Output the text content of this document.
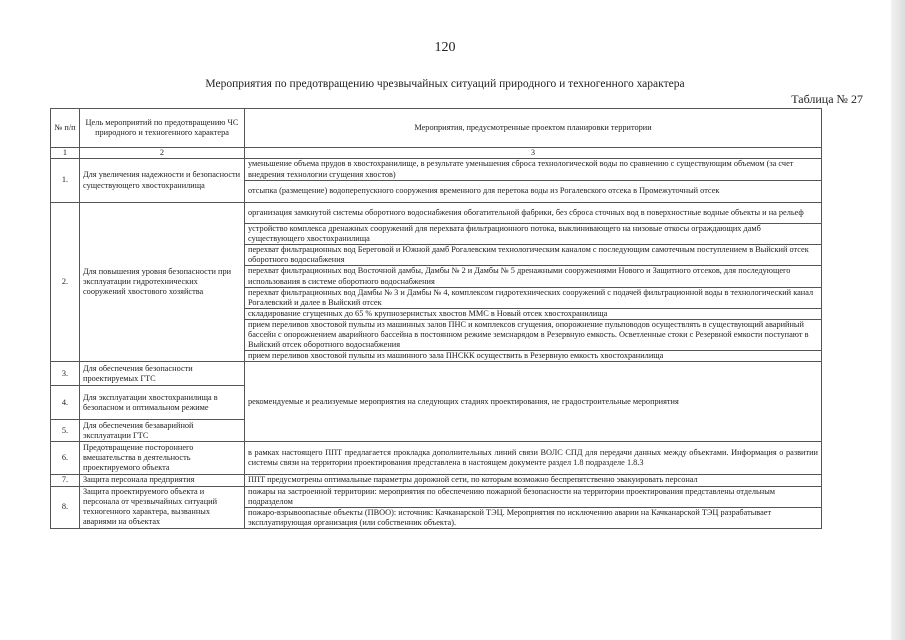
120
Мероприятия по предотвращению чрезвычайных ситуаций природного и техногенного характера
Таблица № 27
№ п/п	Цель мероприятий по предотвращению ЧС природного и техногенного характера	Мероприятия, предусмотренные проектом планировки территории
1	2	3
1.	Для увеличения надежности и безопасности существующего хвостохранилища	уменьшение объема прудов в хвостохранилище, в результате уменьшения сброса технологической воды по сравнению с существующим объемом (за счет внедрения технологии сгущения хвостов)
		отсыпка (размещение) водоперепускного сооружения временного для перетока воды из Рогалевского отсека в Промежуточный отсек
2.	Для повышения уровня безопасности при эксплуатации гидротехнических сооружений хвостового хозяйства	организация замкнутой системы оборотного водоснабжения обогатительной фабрики, без сброса сточных вод в поверхностные водные объекты и на рельеф
		устройство комплекса дренажных сооружений для перехвата фильтрационного потока, выклинивающего на низовые откосы ограждающих дамб существующего хвостохранилища
		перехват фильтрационных вод Береговой и Южной дамб Рогалевским технологическим каналом с последующим самотечным поступлением в Выйский отсек оборотного водоснабжения
		перехват фильтрационных вод Восточной дамбы, Дамбы № 2 и Дамбы № 5 дренажными сооружениями Нового и Защитного отсеков, для последующего использования в системе оборотного водоснабжения
		перехват фильтрационных вод Дамбы № 3 и Дамбы № 4, комплексом гидротехнических сооружений с подачей фильтрационной воды в технологический канал Рогалевский и далее в Выйский отсек
		складирование сгущенных до 65 % крупнозернистых хвостов ММС в Новый отсек хвостохранилища
		прием переливов хвостовой пульпы из машинных залов ПНС и комплексов сгущения, опорожнение пульповодов осуществлять в существующий аварийный бассейн с опорожнением аварийного бассейна в постоянном режиме земснарядом в Резервную емкость. Осветленные стоки с Резервной емкости поступают в Выйский отсек оборотного водоснабжения
		прием переливов хвостовой пульпы из машинного зала ПНСКК осуществить в Резервную емкость хвостохранилища
3.	Для обеспечения безопасности проектируемых ГТС	рекомендуемые и реализуемые мероприятия на следующих стадиях проектирования, не градостроительные мероприятия
4.	Для эксплуатации хвостохранилища в безопасном и оптимальном режиме	
5.	Для обеспечения безаварийной эксплуатации ГТС	
6.	Предотвращение постороннего вмешательства в деятельность проектируемого объекта	в рамках настоящего ППТ предлагается прокладка дополнительных линий связи ВОЛС СПД для передачи данных между объектами. Информация о развитии системы связи на территории проектирования представлена в настоящем документе раздел 1.8 подразделе 1.8.3
7.	Защита персонала предприятия	ППТ предусмотрены оптимальные параметры дорожной сети, по которым возможно беспрепятственно эвакуировать персонал
8.	Защита проектируемого объекта и персонала от чрезвычайных ситуаций техногенного характера, вызванных авариями на объектах	пожары на застроенной территории: мероприятия по обеспечению пожарной безопасности на территории проектирования представлены отдельным подразделом
		пожаро-взрывоопасные объекты (ПВОО): источник: Качканарской ТЭЦ. Мероприятия по исключению аварии на Качканарской ТЭЦ разрабатывает эксплуатирующая организация (или собственник объекта).
